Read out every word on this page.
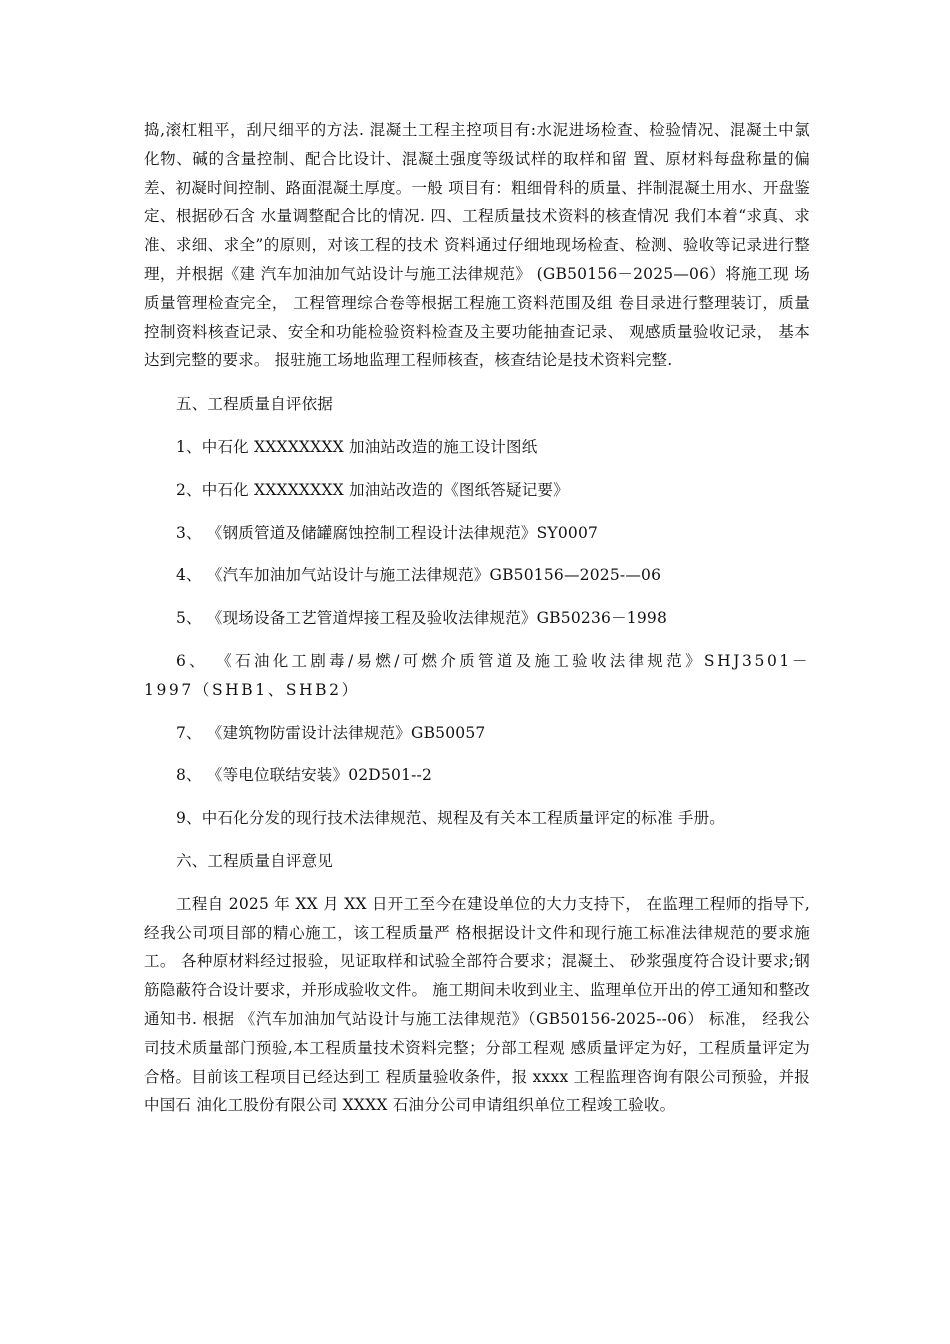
捣,滚杠粗平，刮尺细平的方法. 混凝土工程主控项目有:水泥进场检查、检验情况、混凝土中氯 化物、碱的含量控制、配合比设计、混凝土强度等级试样的取样和留 置、原材料每盘称量的偏差、初凝时间控制、路面混凝土厚度。一般 项目有：粗细骨科的质量、拌制混凝土用水、开盘鉴定、根据砂石含 水量调整配合比的情况. 四、工程质量技术资料的核查情况 我们本着“求真、求准、求细、求全”的原则，对该工程的技术 资料通过仔细地现场检查、检测、验收等记录进行整理，并根据《建 汽车加油加气站设计与施工法律规范》 (GB50156－2025—06）将施工现 场质量管理检查完全， 工程管理综合卷等根据工程施工资料范围及组 卷目录进行整理装订，质量控制资料核查记录、安全和功能检验资料检查及主要功能抽查记录、 观感质量验收记录， 基本达到完整的要求。 报驻施工场地监理工程师核查，核查结论是技术资料完整.

五、工程质量自评依据

1、中石化 XXXXXXXX 加油站改造的施工设计图纸

2、中石化 XXXXXXXX 加油站改造的《图纸答疑记要》

3、 《钢质管道及储罐腐蚀控制工程设计法律规范》SY0007

4、 《汽车加油加气站设计与施工法律规范》GB50156—2025-—06

5、 《现场设备工艺管道焊接工程及验收法律规范》GB50236－1998

6、 《石油化工剧毒/易燃/可燃介质管道及施工验收法律规范》SHJ3501－1997（SHB1、SHB2）

7、 《建筑物防雷设计法律规范》GB50057

8、 《等电位联结安装》02D501--2

9、中石化分发的现行技术法律规范、规程及有关本工程质量评定的标准 手册。

六、工程质量自评意见

工程自 2025 年 XX 月 XX 日开工至今在建设单位的大力支持下， 在监理工程师的指导下,经我公司项目部的精心施工，该工程质量严 格根据设计文件和现行施工标准法律规范的要求施工。 各种原材料经过报验，见证取样和试验全部符合要求；混凝土、 砂浆强度符合设计要求;钢筋隐蔽符合设计要求，并形成验收文件。 施工期间未收到业主、监理单位开出的停工通知和整改通知书. 根据 《汽车加油加气站设计与施工法律规范》（GB50156-2025--06） 标准， 经我公司技术质量部门预验,本工程质量技术资料完整；分部工程观 感质量评定为好，工程质量评定为合格。目前该工程项目已经达到工 程质量验收条件，报 xxxx 工程监理咨询有限公司预验，并报中国石 油化工股份有限公司 XXXX 石油分公司申请组织单位工程竣工验收。
